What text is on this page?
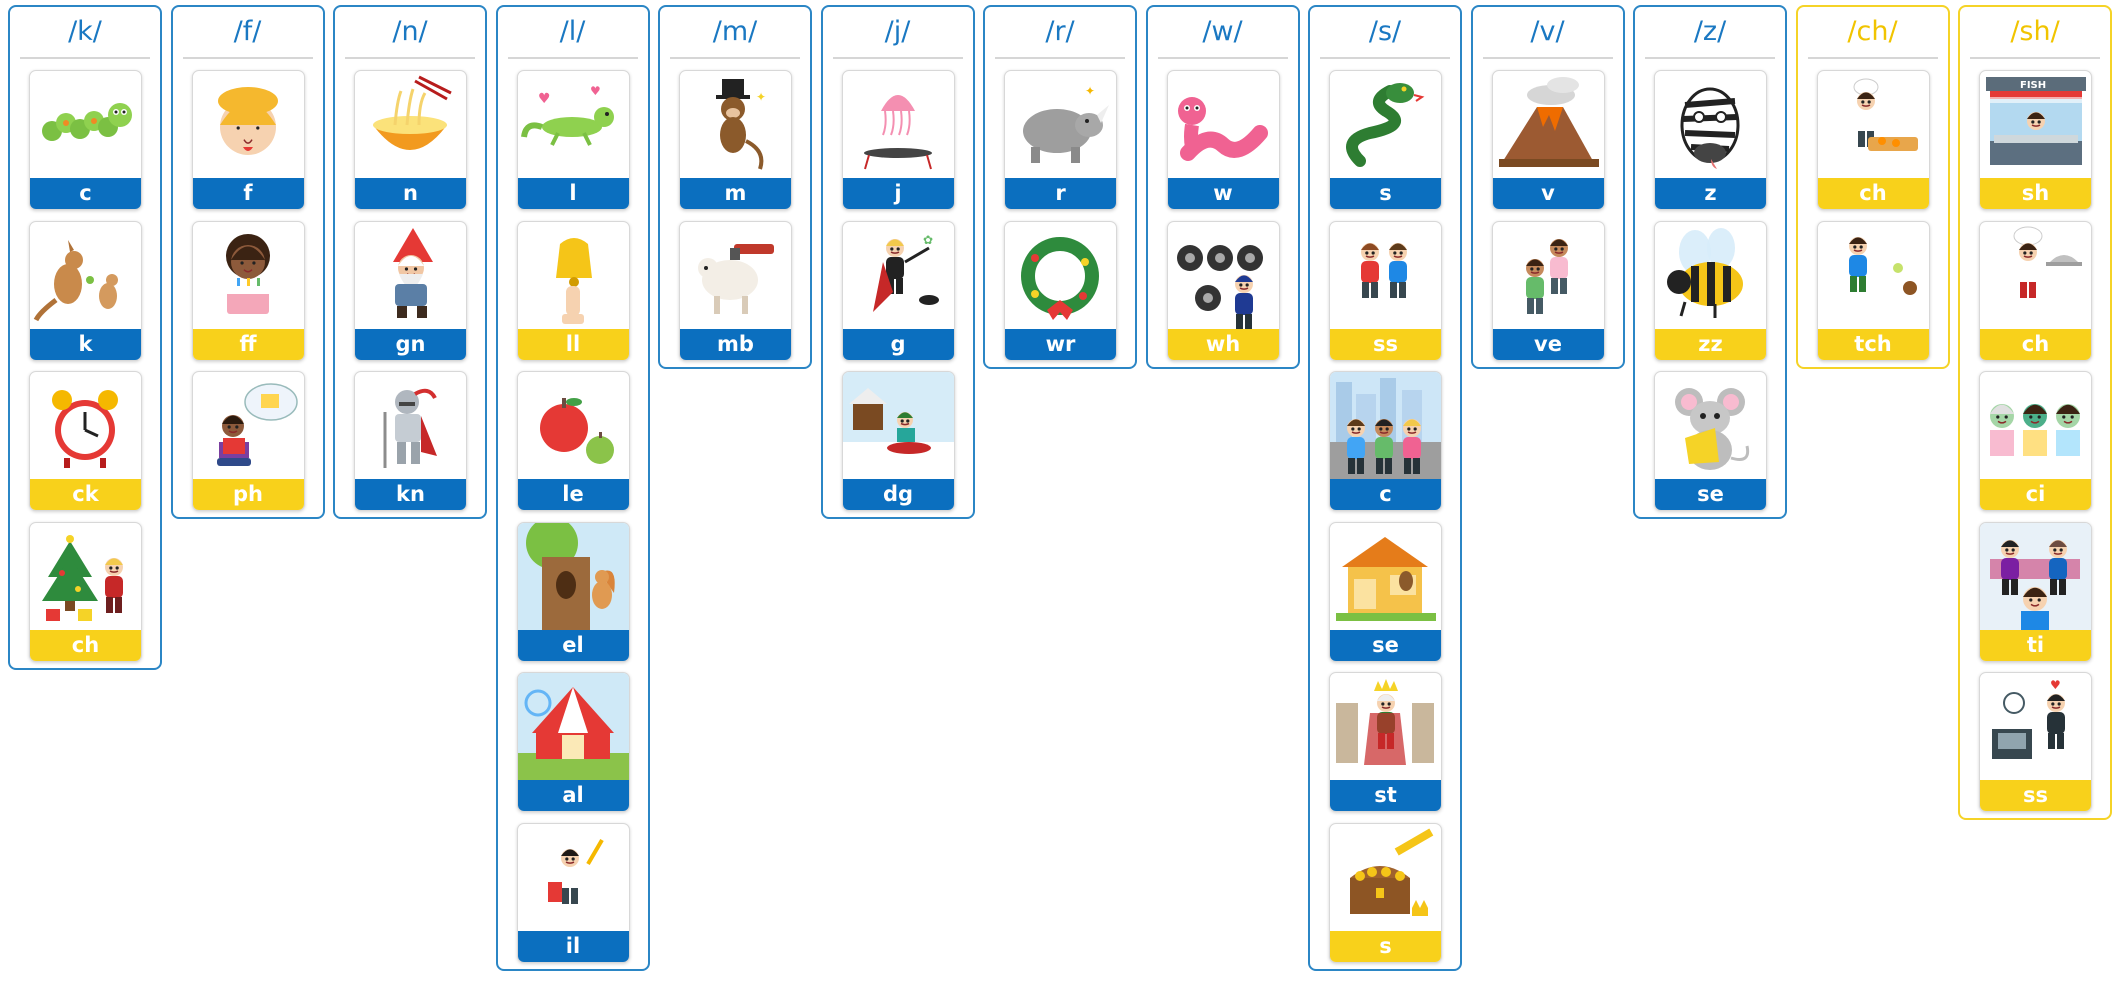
/k/
c
k
ck
ch
/f/
f
ff
ph
/n/
n
gn
kn
/l/
♥	♥
l
ll
le
el
al
il
/m/
✦
m
mb
/j/
j
✿
g
dg
/r/
✦
r
wr
/w/
w
wh
/s/
s
ss
c
se
st
s
/v/
v
ve
/z/
z
zz
se
/ch/
ch
tch
/sh/
FISH
sh
ch
ci
ti
♥
ss
